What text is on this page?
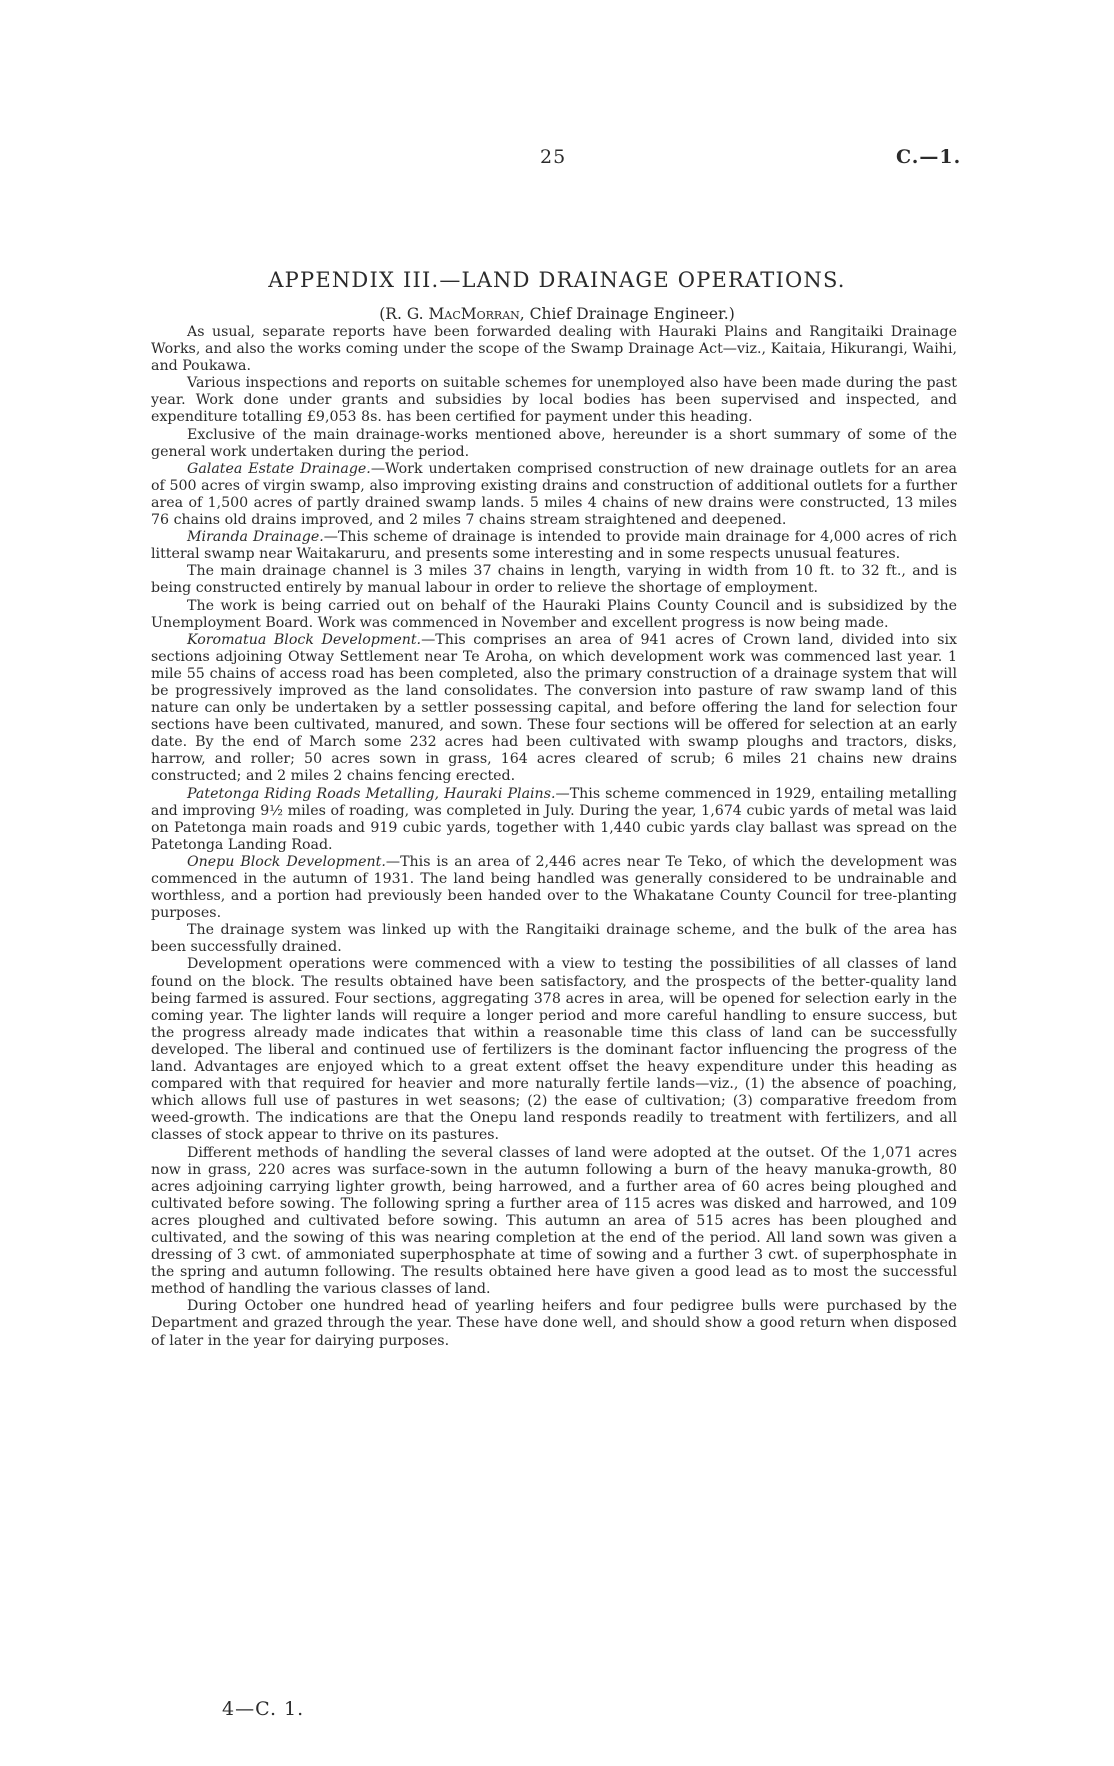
25	C.—1.
APPENDIX III.—LAND DRAINAGE OPERATIONS.
(R. G. MacMorran, Chief Drainage Engineer.)

As usual, separate reports have been forwarded dealing with Hauraki Plains and Rangitaiki Drainage Works, and also the works coming under the scope of the Swamp Drainage Act—viz., Kaitaia, Hikurangi, Waihi, and Poukawa.

Various inspections and reports on suitable schemes for unemployed also have been made during the past year. Work done under grants and subsidies by local bodies has been supervised and inspected, and expenditure totalling £9,053 8s. has been certified for payment under this heading.

Exclusive of the main drainage-works mentioned above, hereunder is a short summary of some of the general work undertaken during the period.

Galatea Estate Drainage.—Work undertaken comprised construction of new drainage outlets for an area of 500 acres of virgin swamp, also improving existing drains and construction of additional outlets for a further area of 1,500 acres of partly drained swamp lands. 5 miles 4 chains of new drains were constructed, 13 miles 76 chains old drains improved, and 2 miles 7 chains stream straightened and deepened.

Miranda Drainage.—This scheme of drainage is intended to provide main drainage for 4,000 acres of rich litteral swamp near Waitakaruru, and presents some interesting and in some respects unusual features.

The main drainage channel is 3 miles 37 chains in length, varying in width from 10 ft. to 32 ft., and is being constructed entirely by manual labour in order to relieve the shortage of employment.

The work is being carried out on behalf of the Hauraki Plains County Council and is subsidized by the Unemployment Board. Work was commenced in November and excellent progress is now being made.

Koromatua Block Development.—This comprises an area of 941 acres of Crown land, divided into six sections adjoining Otway Settlement near Te Aroha, on which development work was commenced last year. 1 mile 55 chains of access road has been completed, also the primary construction of a drainage system that will be progressively improved as the land consolidates. The conversion into pasture of raw swamp land of this nature can only be undertaken by a settler possessing capital, and before offering the land for selection four sections have been cultivated, manured, and sown. These four sections will be offered for selection at an early date. By the end of March some 232 acres had been cultivated with swamp ploughs and tractors, disks, harrow, and roller; 50 acres sown in grass, 164 acres cleared of scrub; 6 miles 21 chains new drains constructed; and 2 miles 2 chains fencing erected.

Patetonga Riding Roads Metalling, Hauraki Plains.—This scheme commenced in 1929, entailing metalling and improving 9½ miles of roading, was completed in July. During the year, 1,674 cubic yards of metal was laid on Patetonga main roads and 919 cubic yards, together with 1,440 cubic yards clay ballast was spread on the Patetonga Landing Road.

Onepu Block Development.—This is an area of 2,446 acres near Te Teko, of which the development was commenced in the autumn of 1931. The land being handled was generally considered to be undrainable and worthless, and a portion had previously been handed over to the Whakatane County Council for tree-planting purposes.

The drainage system was linked up with the Rangitaiki drainage scheme, and the bulk of the area has been successfully drained.

Development operations were commenced with a view to testing the possibilities of all classes of land found on the block. The results obtained have been satisfactory, and the prospects of the better-quality land being farmed is assured. Four sections, aggregating 378 acres in area, will be opened for selection early in the coming year. The lighter lands will require a longer period and more careful handling to ensure success, but the progress already made indicates that within a reasonable time this class of land can be successfully developed. The liberal and continued use of fertilizers is the dominant factor influencing the progress of the land. Advantages are enjoyed which to a great extent offset the heavy expenditure under this heading as compared with that required for heavier and more naturally fertile lands—viz., (1) the absence of poaching, which allows full use of pastures in wet seasons; (2) the ease of cultivation; (3) comparative freedom from weed-growth. The indications are that the Onepu land responds readily to treatment with fertilizers, and all classes of stock appear to thrive on its pastures.

Different methods of handling the several classes of land were adopted at the outset. Of the 1,071 acres now in grass, 220 acres was surface-sown in the autumn following a burn of the heavy manuka-growth, 80 acres adjoining carrying lighter growth, being harrowed, and a further area of 60 acres being ploughed and cultivated before sowing. The following spring a further area of 115 acres was disked and harrowed, and 109 acres ploughed and cultivated before sowing. This autumn an area of 515 acres has been ploughed and cultivated, and the sowing of this was nearing completion at the end of the period. All land sown was given a dressing of 3 cwt. of ammoniated superphosphate at time of sowing and a further 3 cwt. of superphosphate in the spring and autumn following. The results obtained here have given a good lead as to most the successful method of handling the various classes of land.

During October one hundred head of yearling heifers and four pedigree bulls were purchased by the Department and grazed through the year. These have done well, and should show a good return when disposed of later in the year for dairying purposes.

4—C. 1.
